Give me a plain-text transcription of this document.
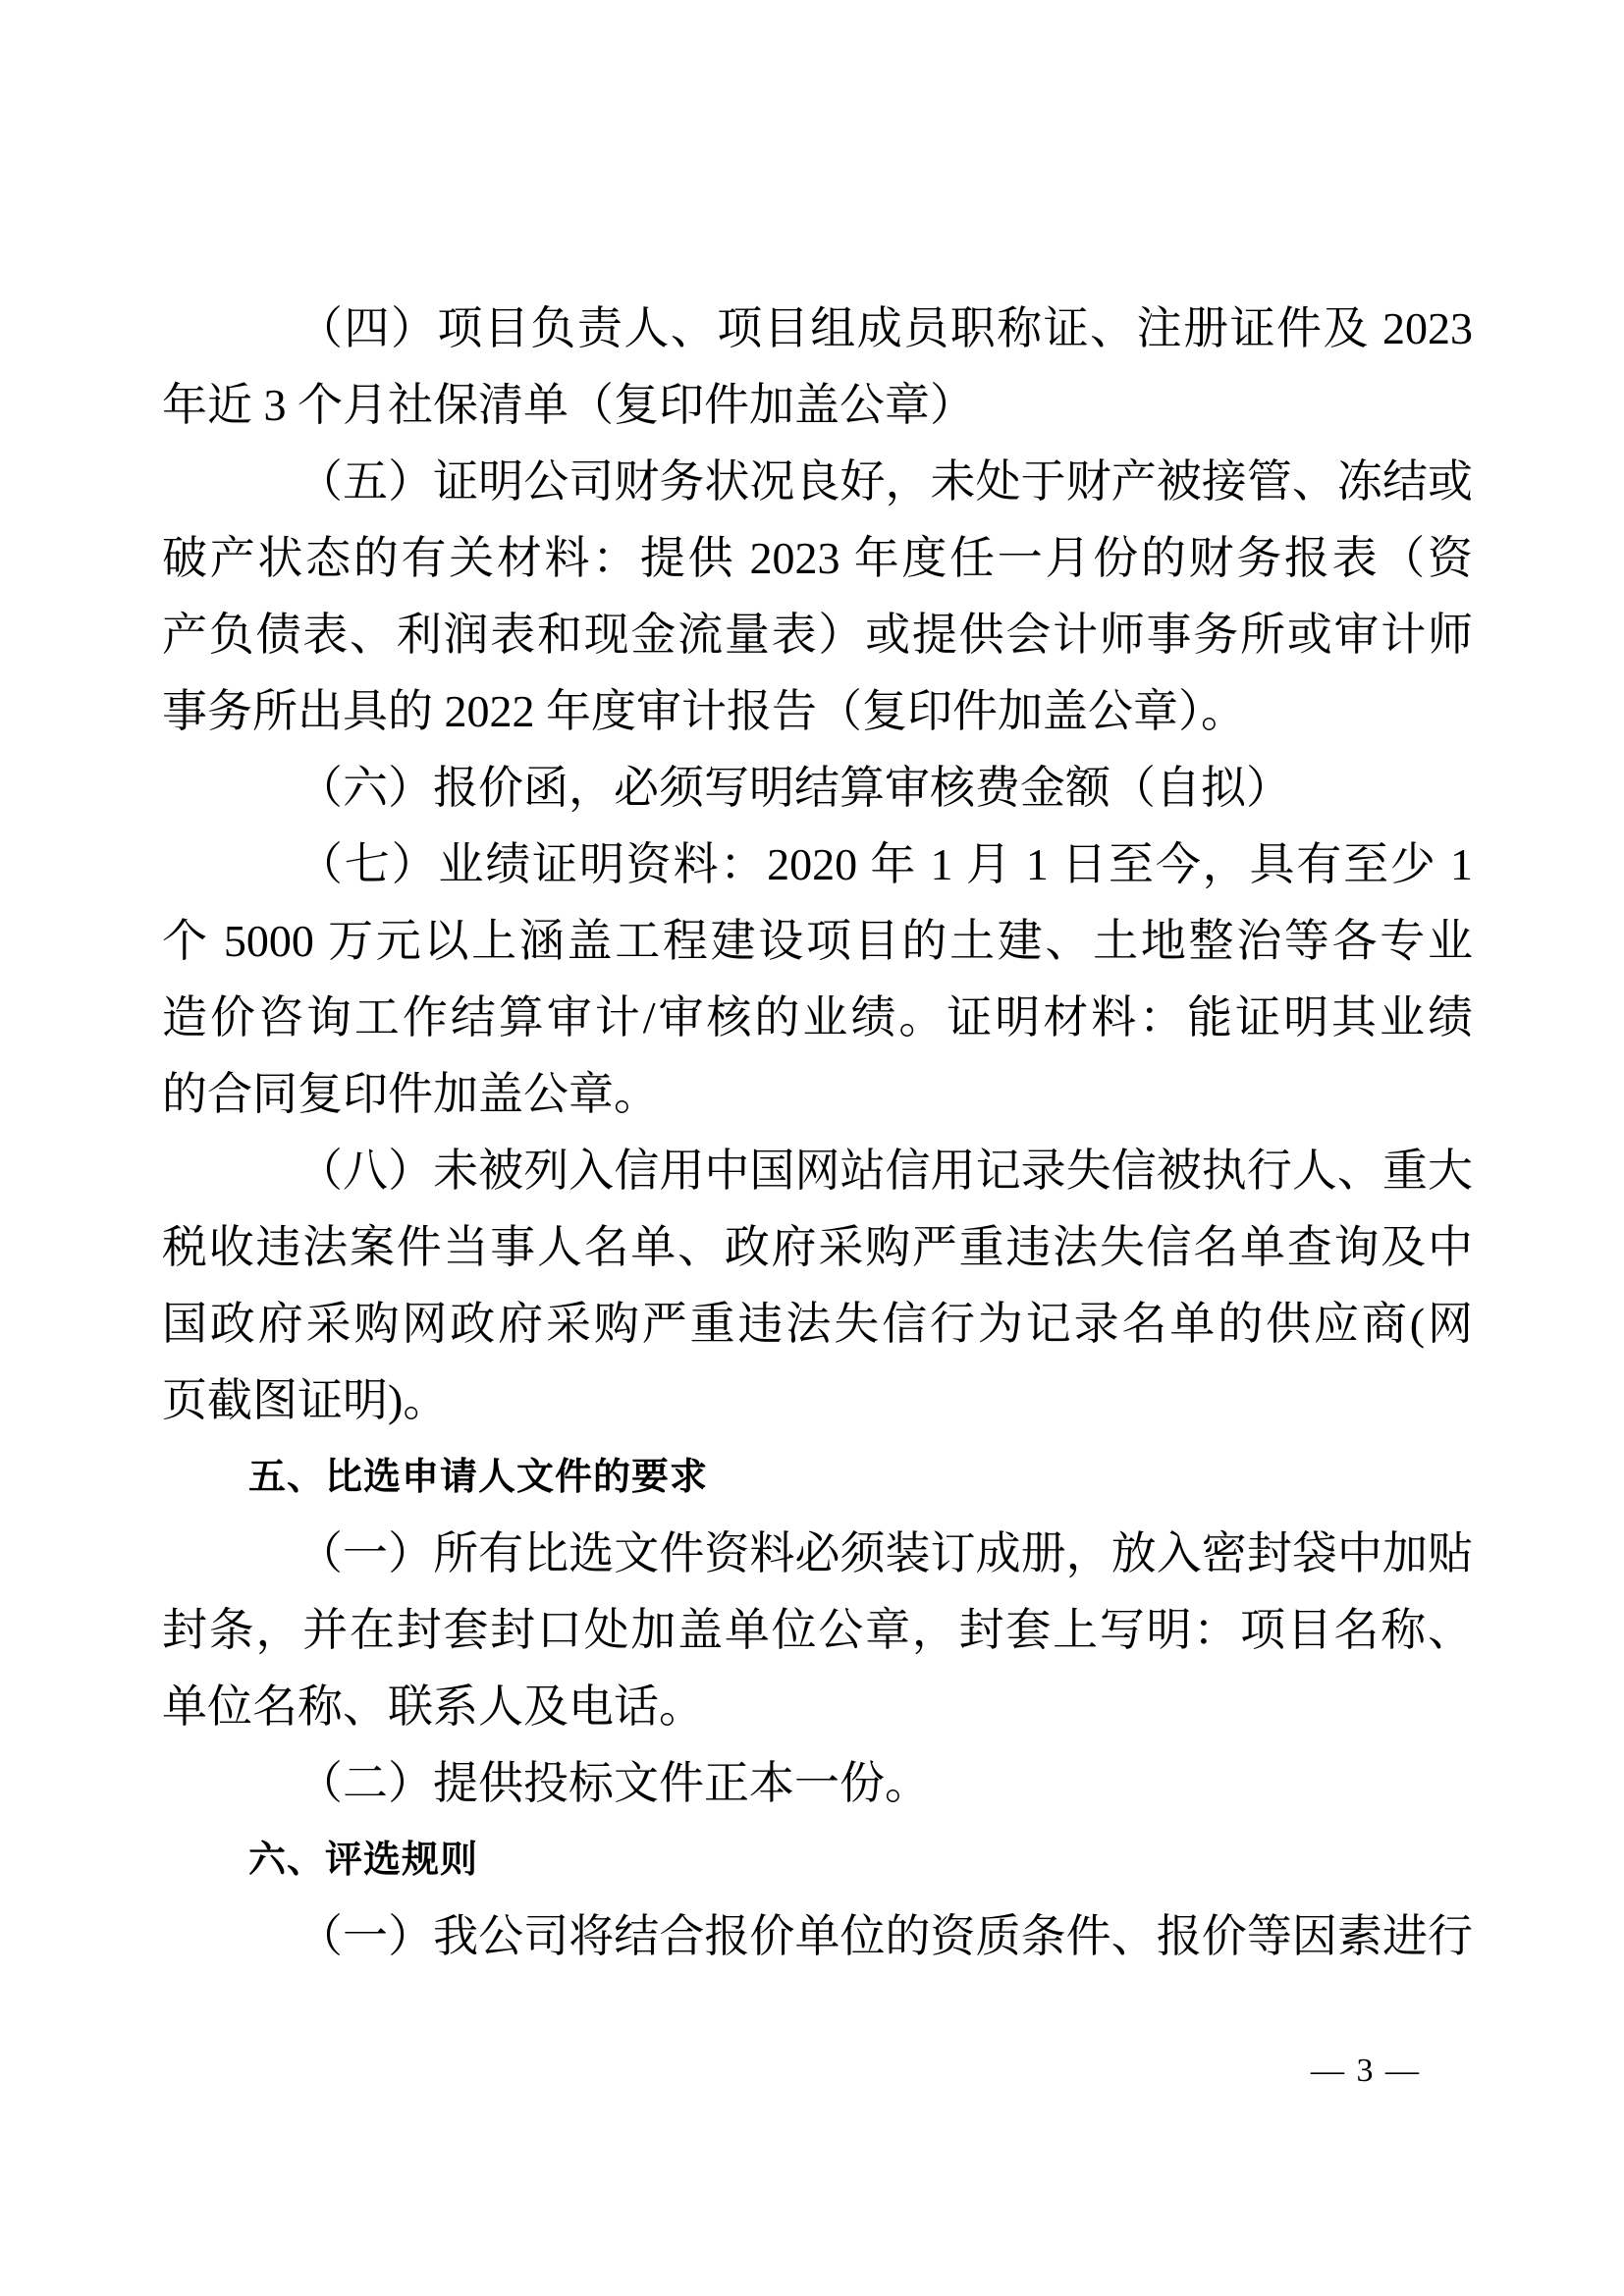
（四）项目负责人、项目组成员职称证、注册证件及 2023
年近 3 个月社保清单（复印件加盖公章）
（五）证明公司财务状况良好，未处于财产被接管、冻结或
破产状态的有关材料：提供 2023 年度任一月份的财务报表（资
产负债表、利润表和现金流量表）或提供会计师事务所或审计师
事务所出具的 2022 年度审计报告（复印件加盖公章）。
（六）报价函，必须写明结算审核费金额（自拟）
（七）业绩证明资料：2020 年 1 月 1 日至今，具有至少 1
个 5000 万元以上涵盖工程建设项目的土建、土地整治等各专业
造价咨询工作结算审计/审核的业绩。证明材料：能证明其业绩
的合同复印件加盖公章。
（八）未被列入信用中国网站信用记录失信被执行人、重大
税收违法案件当事人名单、政府采购严重违法失信名单查询及中
国政府采购网政府采购严重违法失信行为记录名单的供应商(网
页截图证明)。
五、比选申请人文件的要求
（一）所有比选文件资料必须装订成册，放入密封袋中加贴
封条，并在封套封口处加盖单位公章，封套上写明：项目名称、
单位名称、联系人及电话。
（二）提供投标文件正本一份。
六、评选规则
（一）我公司将结合报价单位的资质条件、报价等因素进行
— 3 —
